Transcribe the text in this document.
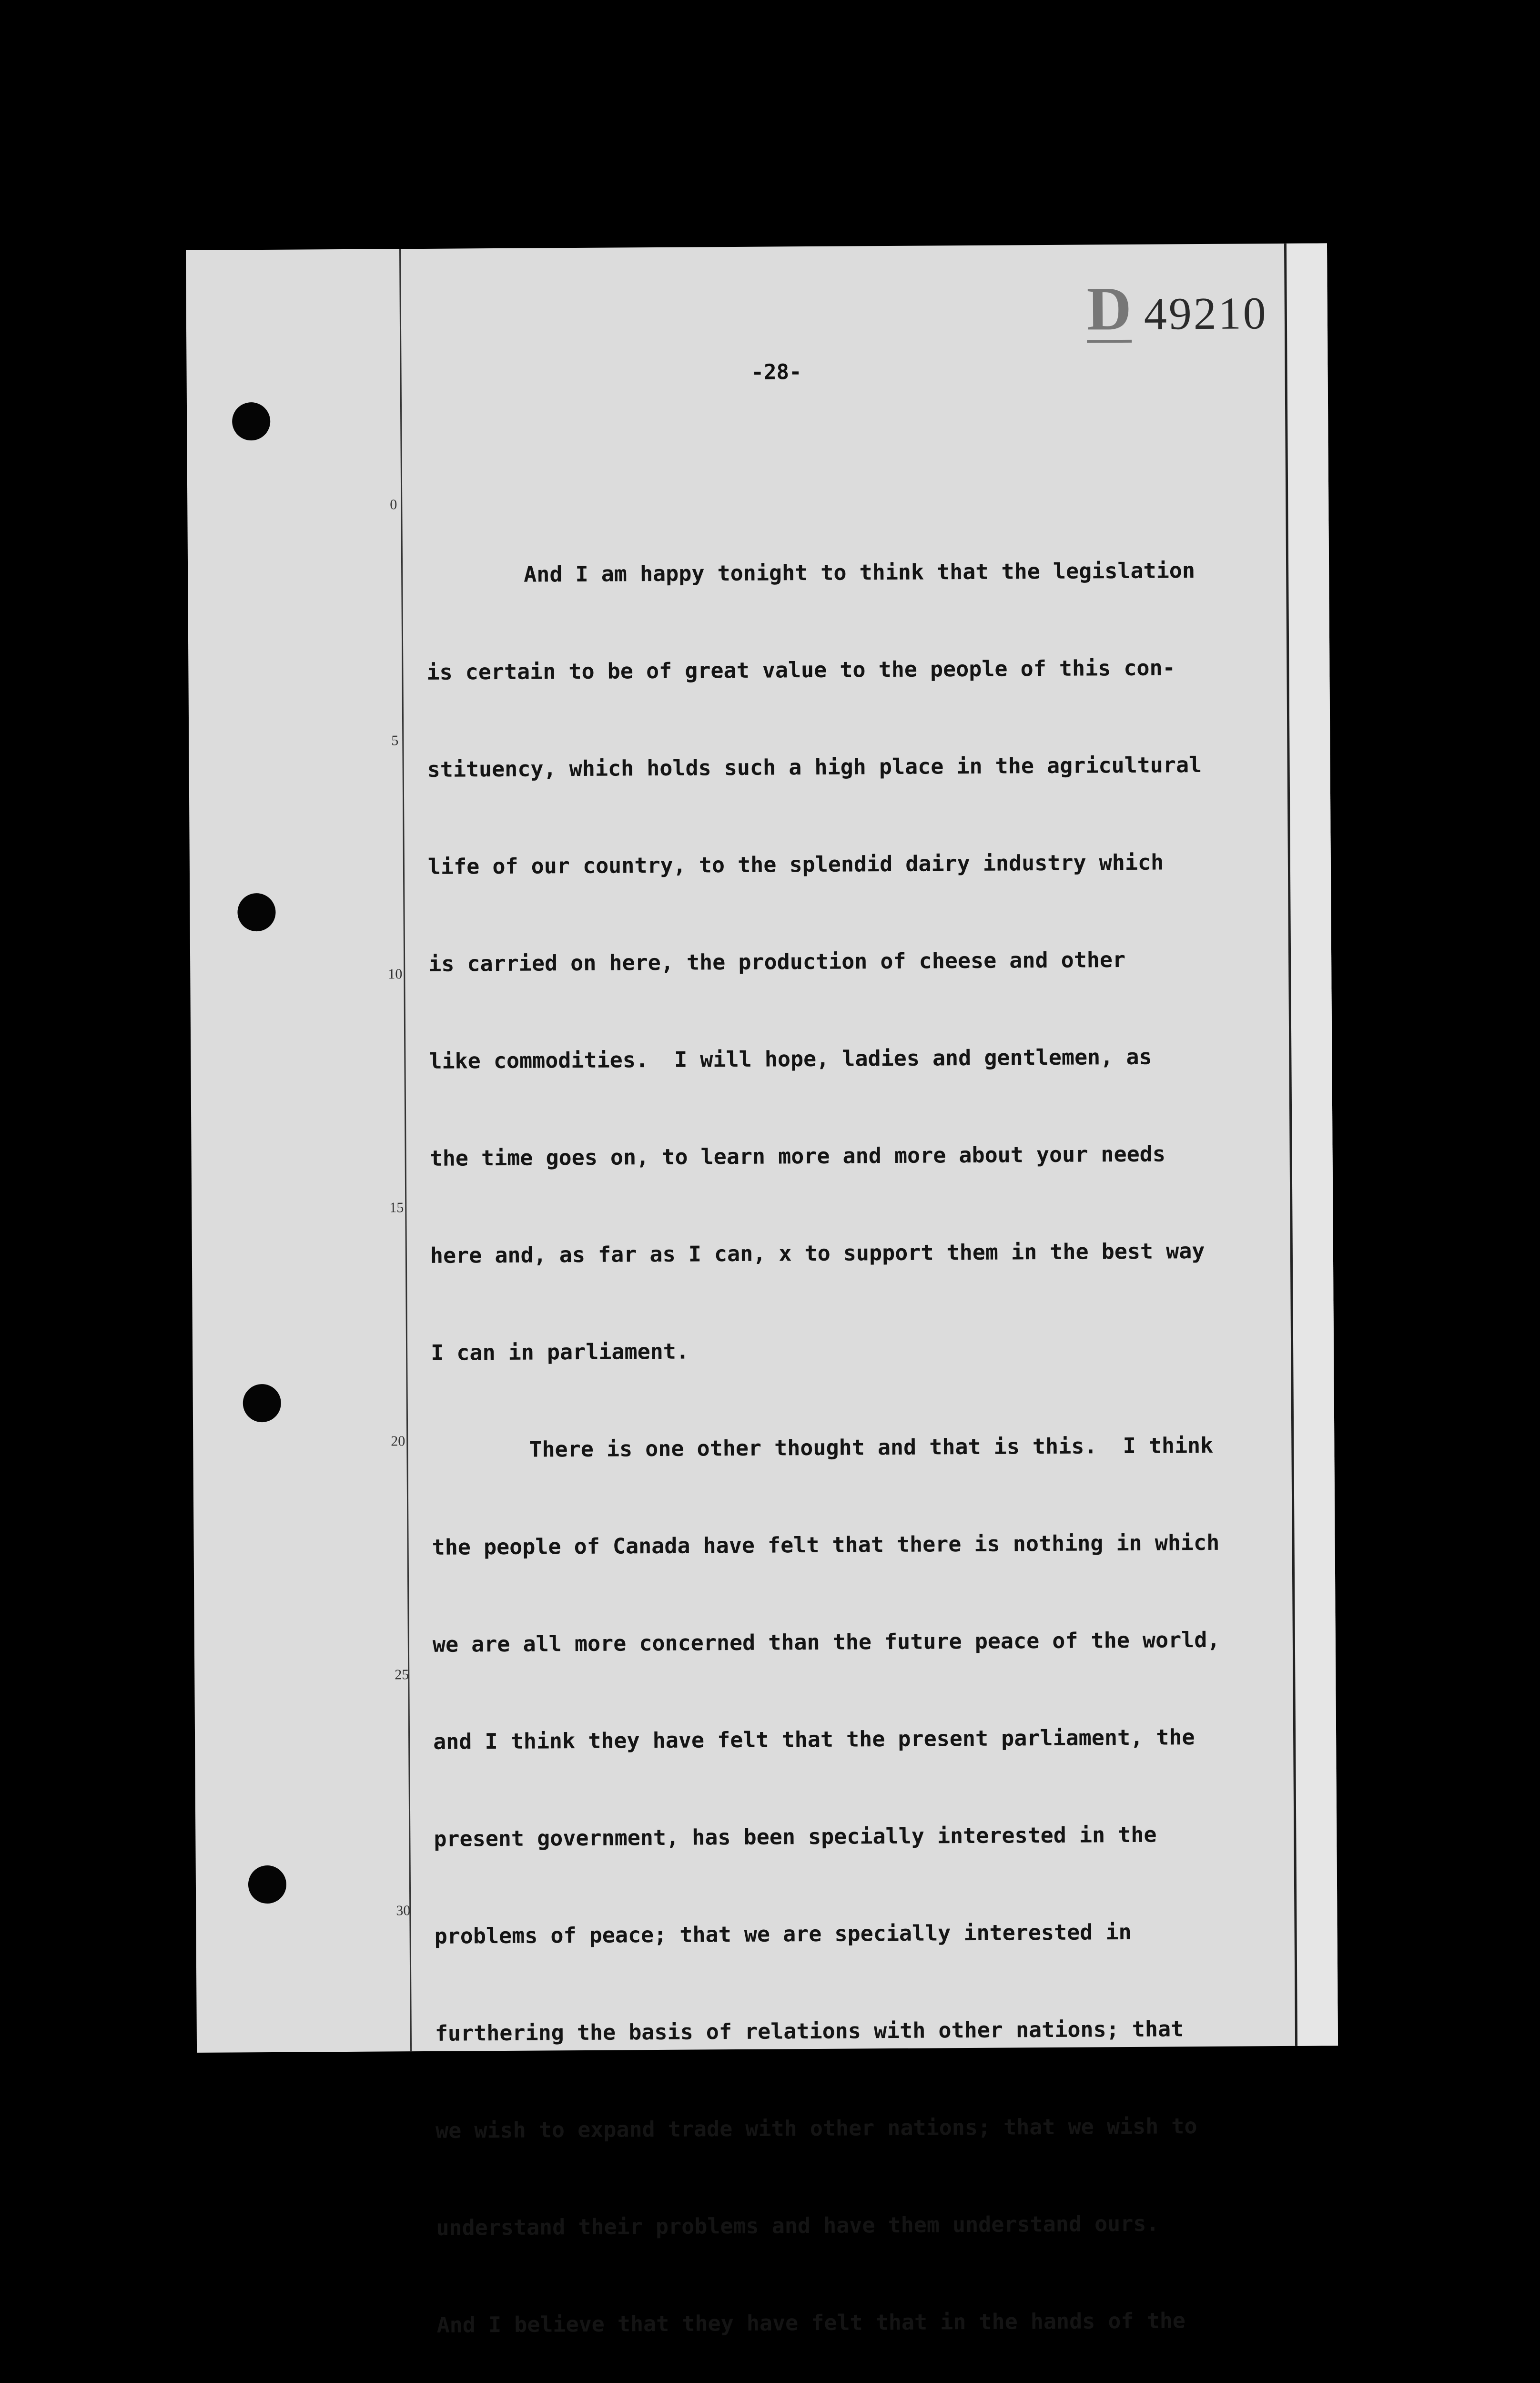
0
5
10
15
20
25
30
D 49210
-28-

And I am happy tonight to think that the legislation

is certain to be of great value to the people of this con-

stituency, which holds such a high place in the agricultural

life of our country, to the splendid dairy industry which

is carried on here, the production of cheese and other

like commodities.  I will hope, ladies and gentlemen, as

the time goes on, to learn more and more about your needs

here and, as far as I can, x to support them in the best way

I can in parliament.

There is one other thought and that is this.  I think

the people of Canada have felt that there is nothing in which

we are all more concerned than the future peace of the world,

and I think they have felt that the present parliament, the

present government, has been specially interested in the

problems of peace; that we are specially interested in

furthering the basis of relations with other nations; that

we wish to expand trade with other nations; that we wish to

understand their problems and have them understand ours.

And I believe that they have felt that in the hands of the
